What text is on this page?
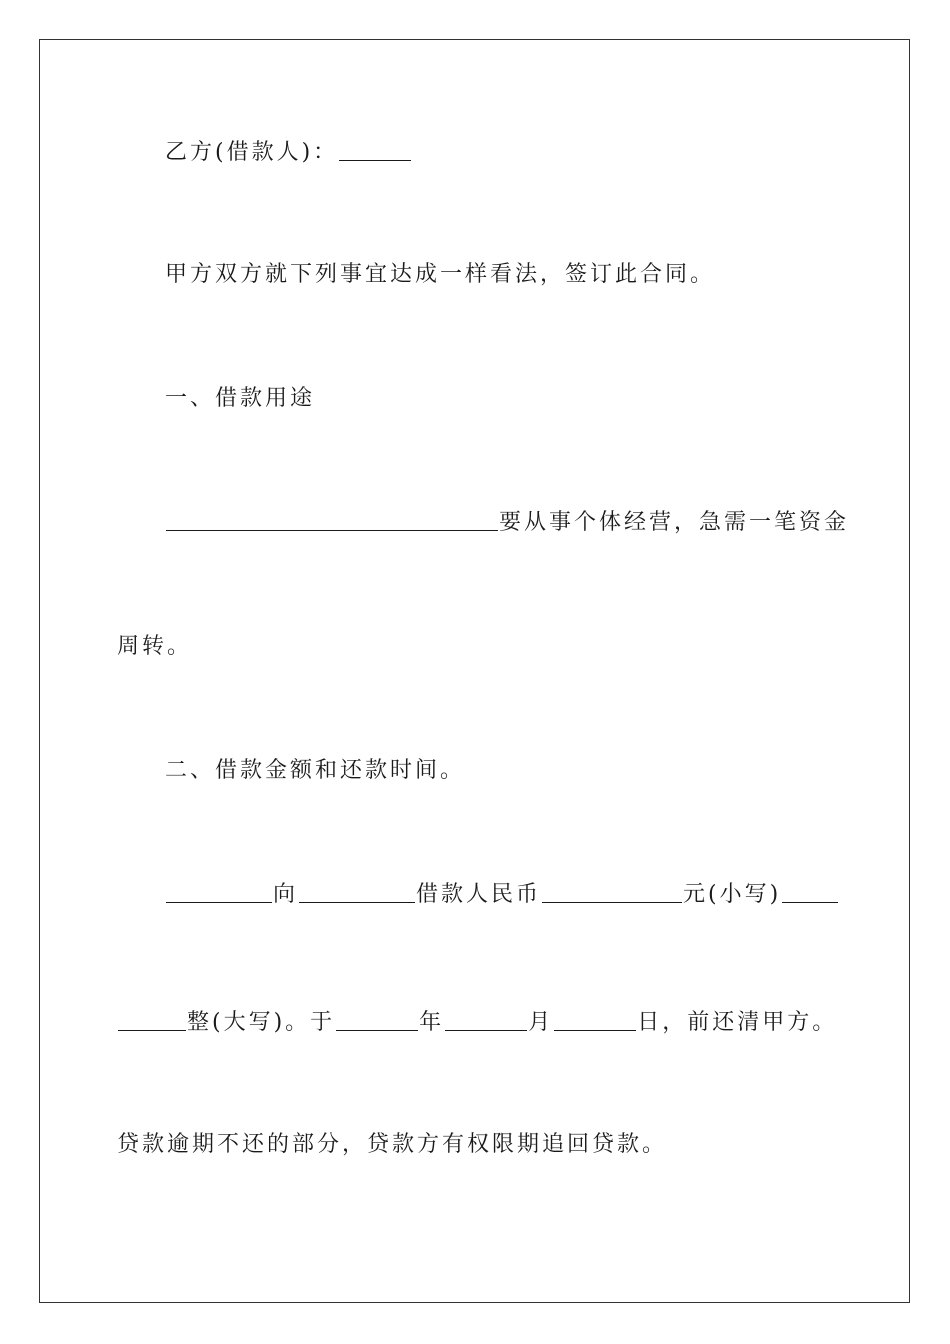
乙方(借款人)：
甲方双方就下列事宜达成一样看法，签订此合同。
一、借款用途
要从事个体经营，急需一笔资金
周转。
二、借款金额和还款时间。
向	借款人民币	元(小写)
整(大写)。于	年	月	日，前还清甲方。
贷款逾期不还的部分，贷款方有权限期追回贷款。
